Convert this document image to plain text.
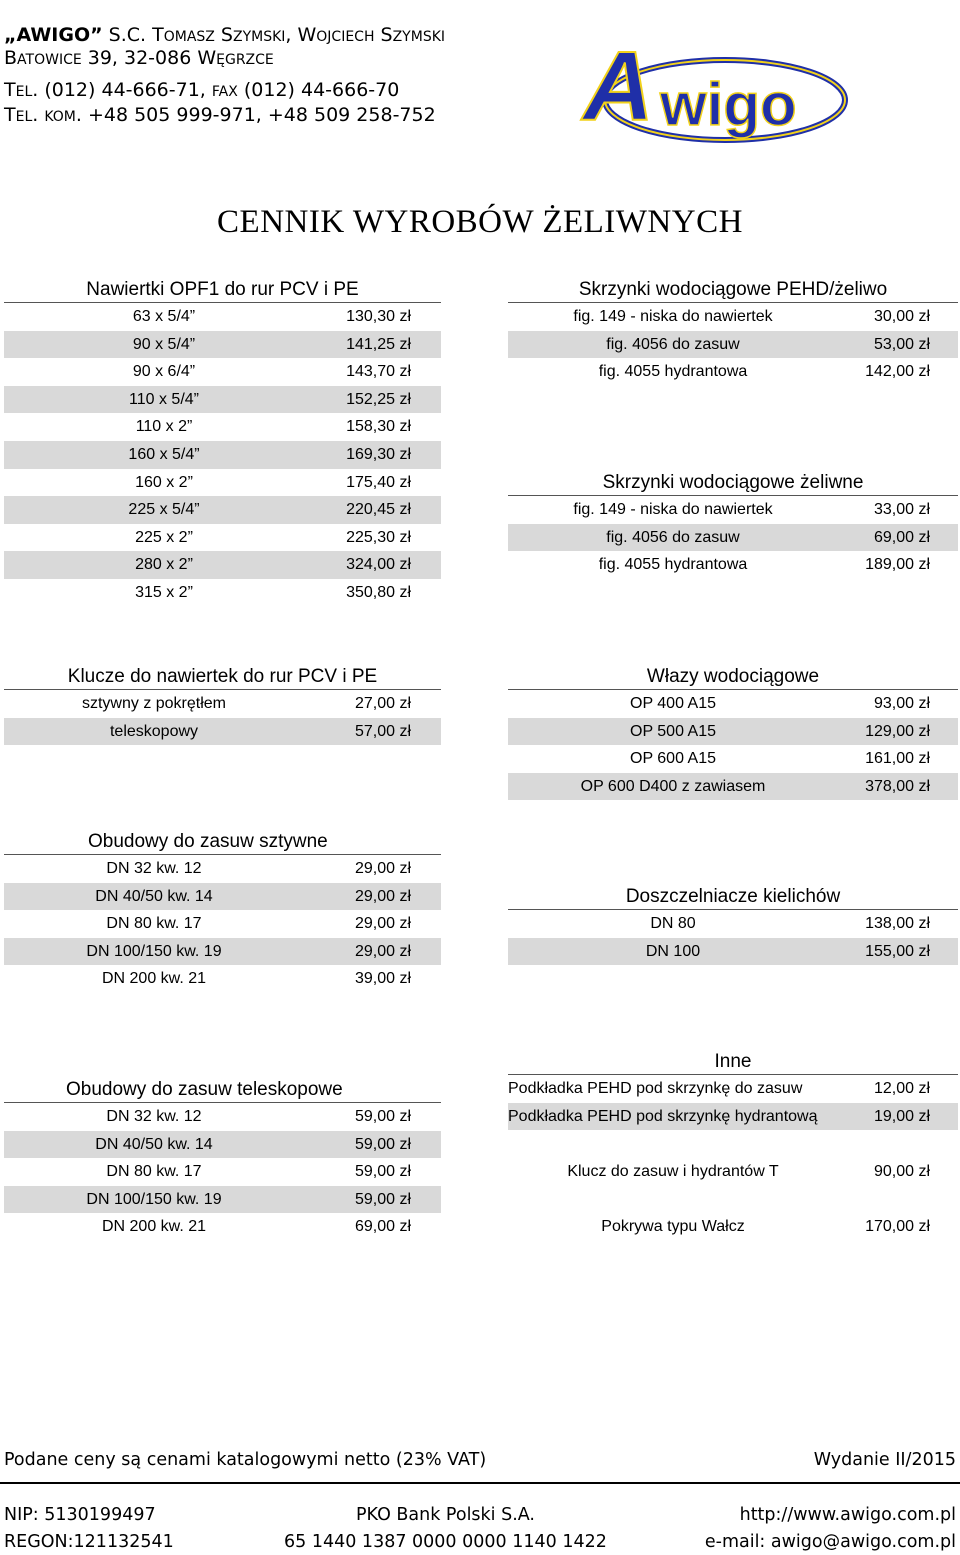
„AWIGO” S.C. TOMASZ SZYMSKI, WOJCIECH SZYMSKI
BATOWICE 39, 32-086 WĘGRZCE
TEL. (012) 44-666-71, FAX (012) 44-666-70
TEL. KOM. +48 505 999-971, +48 509 258-752 A wigo
CENNIK WYROBÓW ŻELIWNYCH
Nawiertki OPF1 do rur PCV i PE
63 x 5/4”	130,30 zł
90 x 5/4”	141,25 zł
90 x 6/4”	143,70 zł
110 x 5/4”	152,25 zł
110 x 2”	158,30 zł
160 x 5/4”	169,30 zł
160 x 2”	175,40 zł
225 x 5/4”	220,45 zł
225 x 2”	225,30 zł
280 x 2”	324,00 zł
315 x 2”	350,80 zł
Skrzynki wodociągowe PEHD/żeliwo
fig. 149 - niska do nawiertek	30,00 zł
fig. 4056 do zasuw	53,00 zł
fig. 4055 hydrantowa	142,00 zł
Skrzynki wodociągowe żeliwne
fig. 149 - niska do nawiertek	33,00 zł
fig. 4056 do zasuw	69,00 zł
fig. 4055 hydrantowa	189,00 zł
Klucze do nawiertek do rur PCV i PE
sztywny z pokrętłem	27,00 zł
teleskopowy	57,00 zł
Włazy wodociągowe
OP 400 A15	93,00 zł
OP 500 A15	129,00 zł
OP 600 A15	161,00 zł
OP 600 D400 z zawiasem	378,00 zł
Obudowy do zasuw sztywne
DN 32 kw. 12	29,00 zł
DN 40/50 kw. 14	29,00 zł
DN 80 kw. 17	29,00 zł
DN 100/150 kw. 19	29,00 zł
DN 200 kw. 21	39,00 zł
Doszczelniacze kielichów
DN 80	138,00 zł
DN 100	155,00 zł
Obudowy do zasuw teleskopowe
DN 32 kw. 12	59,00 zł
DN 40/50 kw. 14	59,00 zł
DN 80 kw. 17	59,00 zł
DN 100/150 kw. 19	59,00 zł
DN 200 kw. 21	69,00 zł
Inne
Podkładka PEHD pod skrzynkę do zasuw	12,00 zł
Podkładka PEHD pod skrzynkę hydrantową	19,00 zł
Klucz do zasuw i hydrantów T	90,00 zł
Pokrywa typu Wałcz	170,00 zł
Podane ceny są cenami katalogowymi netto (23% VAT)	Wydanie II/2015
NIP: 5130199497	PKO Bank Polski S.A.	http://www.awigo.com.pl
REGON:121132541	65 1440 1387 0000 0000 1140 1422	e-mail: awigo@awigo.com.pl
